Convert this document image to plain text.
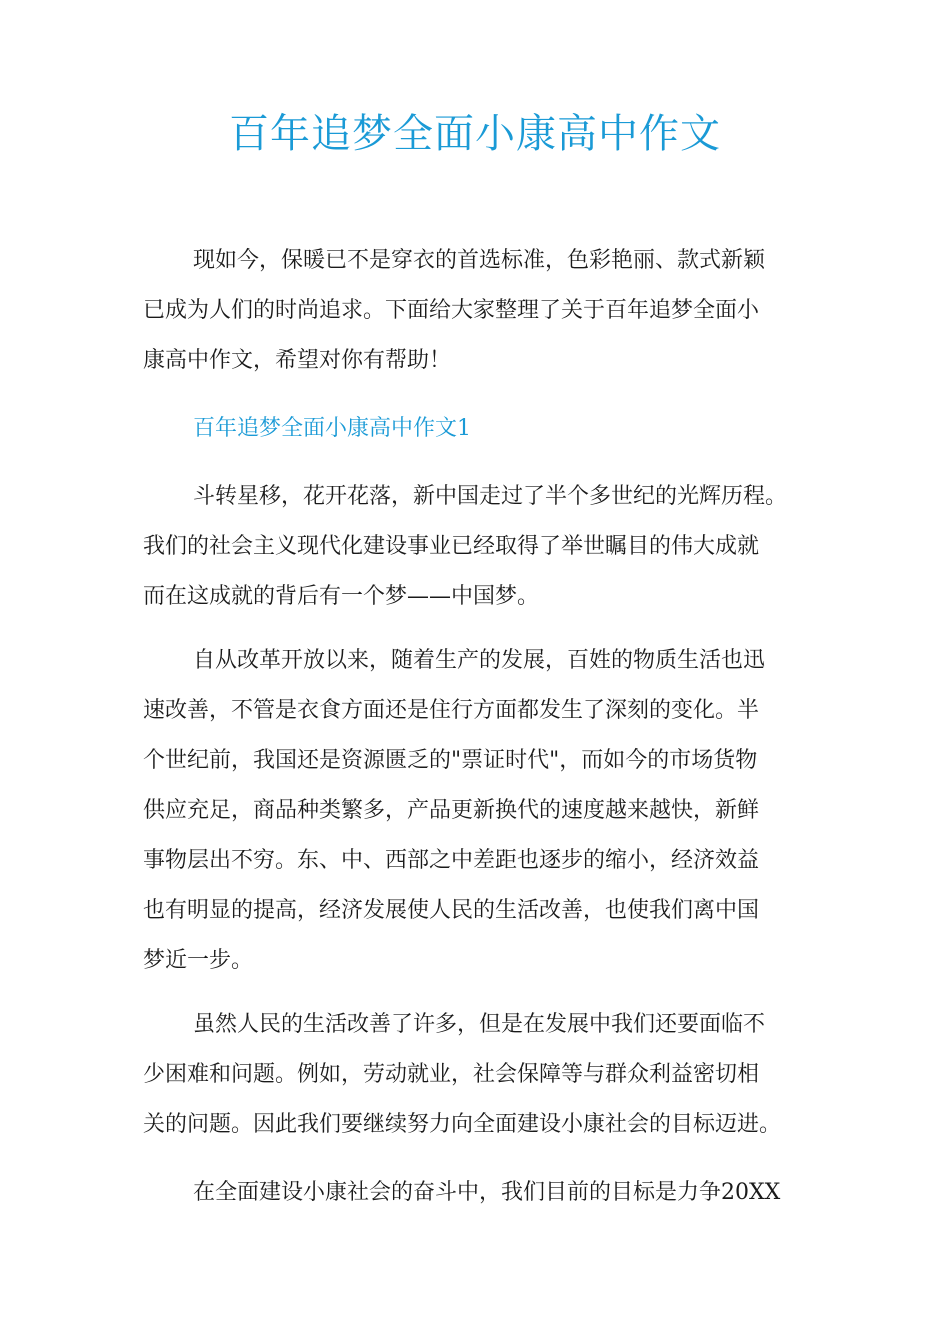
百年追梦全面小康高中作文
现如今，保暖已不是穿衣的首选标准，色彩艳丽、款式新颖
已成为人们的时尚追求。下面给大家整理了关于百年追梦全面小
康高中作文，希望对你有帮助！
百年追梦全面小康高中作文1
斗转星移，花开花落，新中国走过了半个多世纪的光辉历程。
我们的社会主义现代化建设事业已经取得了举世瞩目的伟大成就
而在这成就的背后有一个梦——中国梦。
自从改革开放以来，随着生产的发展，百姓的物质生活也迅
速改善，不管是衣食方面还是住行方面都发生了深刻的变化。半
个世纪前，我国还是资源匮乏的"票证时代"，而如今的市场货物
供应充足，商品种类繁多，产品更新换代的速度越来越快，新鲜
事物层出不穷。东、中、西部之中差距也逐步的缩小，经济效益
也有明显的提高，经济发展使人民的生活改善，也使我们离中国
梦近一步。
虽然人民的生活改善了许多，但是在发展中我们还要面临不
少困难和问题。例如，劳动就业，社会保障等与群众利益密切相
关的问题。因此我们要继续努力向全面建设小康社会的目标迈进。
在全面建设小康社会的奋斗中，我们目前的目标是力争20XX
